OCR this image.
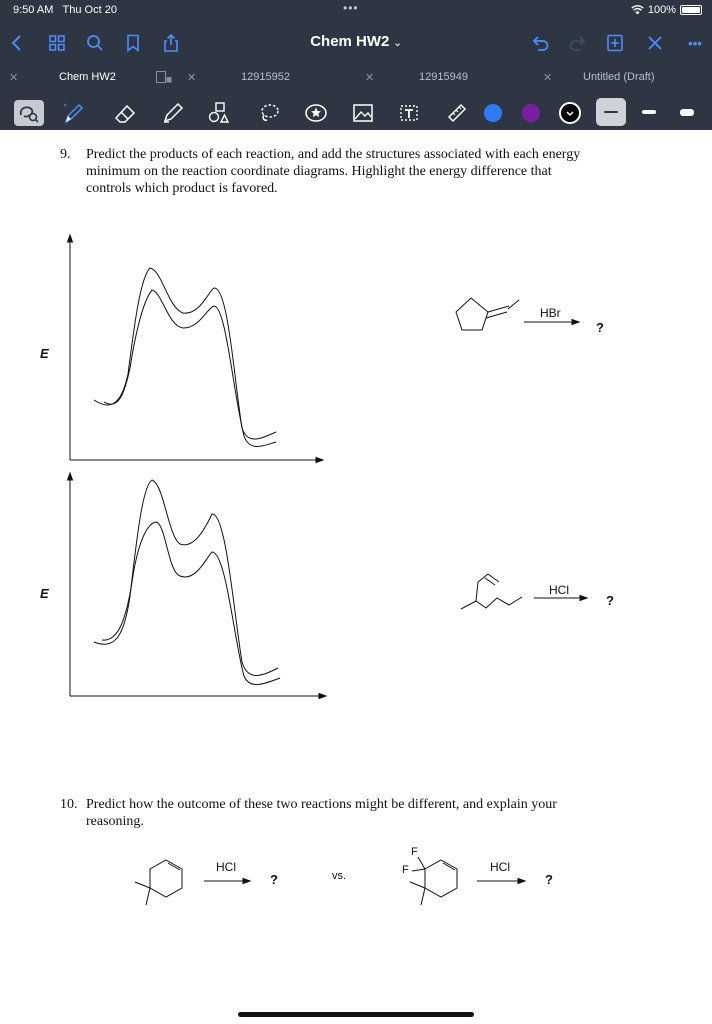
9:50 AM Thu Oct 20	•••	100%
Chem HW2 ⌄	•••
✕	Chem HW2	✕	12915952	✕	12915949	✕	Untitled (Draft)
9. Predict the products of each reaction, and add the structures associated with each energy
minimum on the reaction coordinate diagrams. Highlight the energy difference that
controls which product is favored.
E
E
HBr
?
HCl
?
10. Predict how the outcome of these two reactions might be different, and explain your
reasoning.
HCl
?	vs.
HCl
?
F
F
